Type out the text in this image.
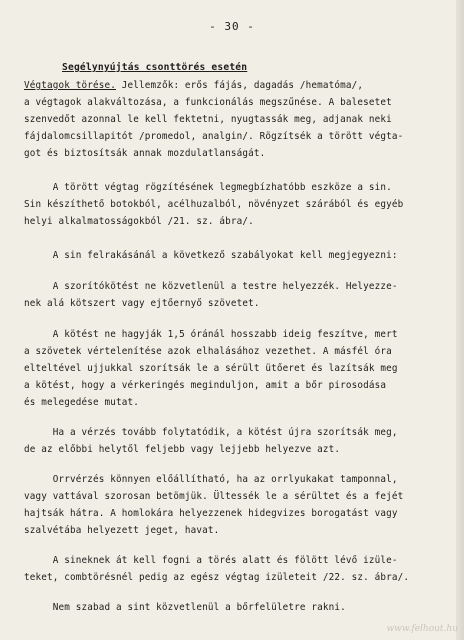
- 30 -
Segélynyújtás csonttörés esetén
Végtagok törése. Jellemzők: erős fájás, dagadás /hematóma/,
a végtagok alakváltozása, a funkcionálás megszűnése. A balesetet
szenvedőt azonnal le kell fektetni, nyugtassák meg, adjanak neki
fájdalomcsillapitót /promedol, analgin/. Rögzítsék a törött végta-
got és biztosítsák annak mozdulatlanságát.
A törött végtag rögzítésének legmegbízhatóbb eszköze a sin.
Sin készíthető botokból, acélhuzalból, növényzet szárából és egyéb
helyi alkalmatosságokból /21. sz. ábra/.
A sin felrakásánál a következő szabályokat kell megjegyezni:
A szorítókötést ne közvetlenül a testre helyezzék. Helyezze-
nek alá kötszert vagy ejtőernyő szövetet.
A kötést ne hagyják 1,5 óránál hosszabb ideig feszítve, mert
a szövetek vértelenítése azok elhalásához vezethet. A másfél óra
elteltével ujjukkal szorítsák le a sérült ütőeret és lazítsák meg
a kötést, hogy a vérkeringés meginduljon, amit a bőr pirosodása
és melegedése mutat.
Ha a vérzés tovább folytatódik, a kötést újra szorítsák meg,
de az előbbi helytől feljebb vagy lejjebb helyezve azt.
Orrvérzés könnyen előállítható, ha az orrlyukakat tamponnal,
vagy vattával szorosan betömjük. Ültessék le a sérültet és a fejét
hajtsák hátra. A homlokára helyezzenek hidegvizes borogatást vagy
szalvétába helyezett jeget, havat.
A sineknek át kell fogni a törés alatt és fölött lévő izüle-
teket, combtörésnél pedig az egész végtag izületeit /22. sz. ábra/.
Nem szabad a sint közvetlenül a bőrfelületre rakni.
www.felhout.hu
